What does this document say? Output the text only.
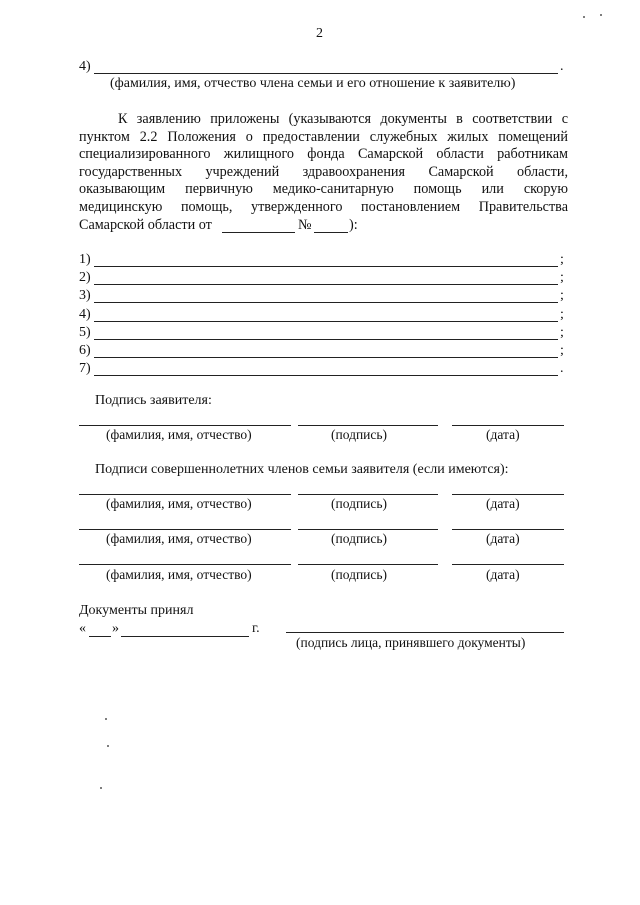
2
4)	.
(фамилия, имя, отчество члена семьи и его отношение к заявителю)
К заявлению приложены (указываются документы в соответствии с
пунктом 2.2 Положения о предоставлении служебных жилых помещений
специализированного жилищного фонда Самарской области работникам
государственных учреждений здравоохранения Самарской области,
оказывающим первичную медико-санитарную помощь или скорую
медицинскую помощь, утвержденного постановлением Правительства
Самарской области от	№	):
1)	;
2)	;
3)	;
4)	;
5)	;
6)	;
7)	.
Подпись заявителя:
(фамилия, имя, отчество)	(подпись)	(дата)
Подписи совершеннолетних членов семьи заявителя (если имеются):
(фамилия, имя, отчество)	(подпись)	(дата)
(фамилия, имя, отчество)	(подпись)	(дата)
(фамилия, имя, отчество)	(подпись)	(дата)
Документы принял
« »	г.
(подпись лица, принявшего документы)
